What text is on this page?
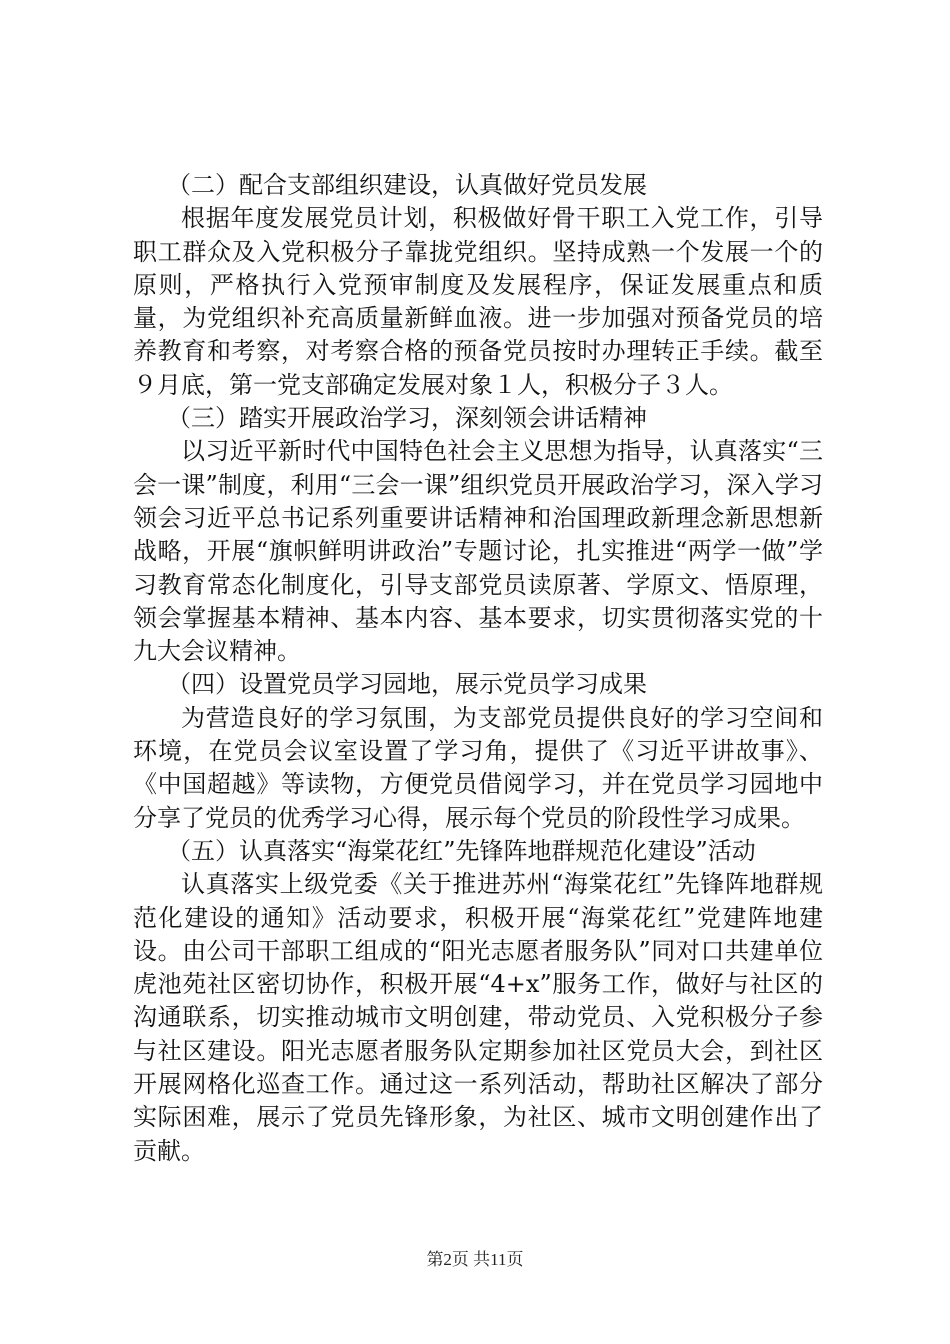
（二）配合支部组织建设，认真做好党员发展

根据年度发展党员计划，积极做好骨干职工入党工作，引导职工群众及入党积极分子靠拢党组织。坚持成熟一个发展一个的原则，严格执行入党预审制度及发展程序，保证发展重点和质量，为党组织补充高质量新鲜血液。进一步加强对预备党员的培养教育和考察，对考察合格的预备党员按时办理转正手续。截至９月底，第一党支部确定发展对象１人，积极分子３人。

（三）踏实开展政治学习，深刻领会讲话精神

以习近平新时代中国特色社会主义思想为指导，认真落实“三会一课”制度，利用“三会一课”组织党员开展政治学习，深入学习领会习近平总书记系列重要讲话精神和治国理政新理念新思想新战略，开展“旗帜鲜明讲政治”专题讨论，扎实推进“两学一做”学习教育常态化制度化，引导支部党员读原著、学原文、悟原理，领会掌握基本精神、基本内容、基本要求，切实贯彻落实党的十九大会议精神。

（四）设置党员学习园地，展示党员学习成果

为营造良好的学习氛围，为支部党员提供良好的学习空间和环境，在党员会议室设置了学习角，提供了《习近平讲故事》、《中国超越》等读物，方便党员借阅学习，并在党员学习园地中分享了党员的优秀学习心得，展示每个党员的阶段性学习成果。

（五）认真落实“海棠花红”先锋阵地群规范化建设”活动

认真落实上级党委《关于推进苏州“海棠花红”先锋阵地群规范化建设的通知》活动要求，积极开展“海棠花红”党建阵地建设。由公司干部职工组成的“阳光志愿者服务队”同对口共建单位虎池苑社区密切协作，积极开展“4+x”服务工作，做好与社区的沟通联系，切实推动城市文明创建，带动党员、入党积极分子参与社区建设。阳光志愿者服务队定期参加社区党员大会，到社区开展网格化巡查工作。通过这一系列活动，帮助社区解决了部分实际困难，展示了党员先锋形象，为社区、城市文明创建作出了贡献。

第2页 共11页
